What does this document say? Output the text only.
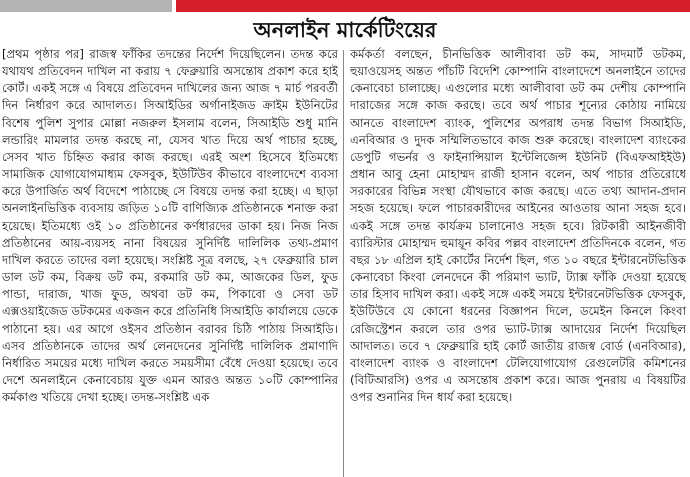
অনলাইন মার্কেটিংয়ের

[প্রথম পৃষ্ঠার পর] রাজস্ব ফাঁকির তদন্তের নির্দেশ দিয়েছিলেন। তদন্ত করে যথাযথ প্রতিবেদন দাখিল না করায় ৭ ফেব্রুয়ারি অসন্তোষ প্রকাশ করে হাই কোর্ট। একই সঙ্গে এ বিষয়ে প্রতিবেদন দাখিলের জন্য আজ ৭ মার্চ পরবর্তী দিন নির্ধারণ করে আদালত। সিআইডির অর্গানাইজড ক্রাইম ইউনিটের বিশেষ পুলিশ সুপার মোল্লা নজরুল ইসলাম বলেন, সিআইডি শুধু মানি লন্ডারিং মামলার তদন্ত করছে না, যেসব খাত দিয়ে অর্থ পাচার হচ্ছে, সেসব খাত চিহ্নিত করার কাজ করছে। এরই অংশ হিসেবে ইতিমধ্যে সামাজিক যোগাযোগমাধ্যম ফেসবুক, ইউটিউব কীভাবে বাংলাদেশে ব্যবসা করে উপার্জিত অর্থ বিদেশে পাঠাচ্ছে সে বিষয়ে তদন্ত করা হচ্ছে। এ ছাড়া অনলাইনভিত্তিক ব্যবসায় জড়িত ১০টি বাণিজ্যিক প্রতিষ্ঠানকে শনাক্ত করা হয়েছে। ইতিমধ্যে ওই ১০ প্রতিষ্ঠানের কর্ণধারদের ডাকা হয়। নিজ নিজ প্রতিষ্ঠানের আয়-ব্যয়সহ নানা বিষয়ের সুনির্দিষ্ট দালিলিক তথ্য-প্রমাণ দাখিল করতে তাদের বলা হয়েছে। সংশ্লিষ্ট সূত্র বলছে, ২৭ ফেব্রুয়ারি চাল ডাল ডট কম, বিক্রয় ডট কম, রকমারি ডট কম, আজকের ডিল, ফুড পান্ডা, দারাজ, খাজ ফুড, অথবা ডট কম, পিকাবো ও সেবা ডট এক্সওয়াইজেড ডটকমের একজন করে প্রতিনিধি সিআইডি কার্যালয়ে ডেকে পাঠানো হয়। এর আগে ওইসব প্রতিষ্ঠান বরাবর চিঠি পাঠায় সিআইডি। এসব প্রতিষ্ঠানকে তাদের অর্থ লেনদেনের সুনির্দিষ্ট দালিলিক প্রমাণাদি নির্ধারিত সময়ের মধ্যে দাখিল করতে সময়সীমা বেঁধে দেওয়া হয়েছে। তবে দেশে অনলাইনে কেনাবেচায় যুক্ত এমন আরও অন্তত ১০টি কোম্পানির কর্মকাণ্ড খতিয়ে দেখা হচ্ছে। তদন্ত-সংশ্লিষ্ট এক

কর্মকর্তা বলছেন, চীনভিত্তিক আলীবাবা ডট কম, সাদমার্ট ডটকম, হুয়াওয়েসহ অন্তত পাঁচটি বিদেশি কোম্পানি বাংলাদেশে অনলাইনে তাদের কেনাবেচা চালাচ্ছে। এগুলোর মধ্যে আলীবাবা ডট কম দেশীয় কোম্পানি দারাজের সঙ্গে কাজ করছে। তবে অর্থ পাচার শূন্যের কোঠায় নামিয়ে আনতে বাংলাদেশ ব্যাংক, পুলিশের অপরাধ তদন্ত বিভাগ সিআইডি, এনবিআর ও দুদক সম্মিলিতভাবে কাজ শুরু করেছে। বাংলাদেশ ব্যাংকের ডেপুটি গভর্নর ও ফাইনান্সিয়াল ইন্টেলিজেন্স ইউনিট (বিএফআইইউ) প্রধান আবু হেনা মোহাম্মদ রাজী হাসান বলেন, অর্থ পাচার প্রতিরোধে সরকারের বিভিন্ন সংস্থা যৌথভাবে কাজ করছে। এতে তথ্য আদান-প্রদান সহজ হয়েছে। ফলে পাচারকারীদের আইনের আওতায় আনা সহজ হবে। একই সঙ্গে তদন্ত কার্যক্রম চালানোও সহজ হবে। রিটকারী আইনজীবী ব্যারিস্টার মোহাম্মদ হুমায়ূন কবির পল্লব বাংলাদেশ প্রতিদিনকে বলেন, গত বছর ১৮ এপ্রিল হাই কোর্টের নির্দেশ ছিল, গত ১০ বছরে ইন্টারনেটভিত্তিক কেনাবেচা কিংবা লেনদেনে কী পরিমাণ ভ্যাট, ট্যাক্স ফাঁকি দেওয়া হয়েছে তার হিসাব দাখিল করা। একই সঙ্গে একই সময়ে ইন্টারনেটভিত্তিক ফেসবুক, ইউটিউবে যে কোনো ধরনের বিজ্ঞাপন দিলে, ডমেইন কিনলে কিংবা রেজিস্ট্রেশন করলে তার ওপর ভ্যাট-ট্যাক্স আদায়ের নির্দেশ দিয়েছিল আদালত। তবে ৭ ফেব্রুয়ারি হাই কোর্ট জাতীয় রাজস্ব বোর্ড (এনবিআর), বাংলাদেশ ব্যাংক ও বাংলাদেশ টেলিযোগাযোগ রেগুলেটরি কমিশনের (বিটিআরসি) ওপর এ অসন্তোষ প্রকাশ করে। আজ পুনরায় এ বিষয়টির ওপর শুনানির দিন ধার্য করা হয়েছে।
